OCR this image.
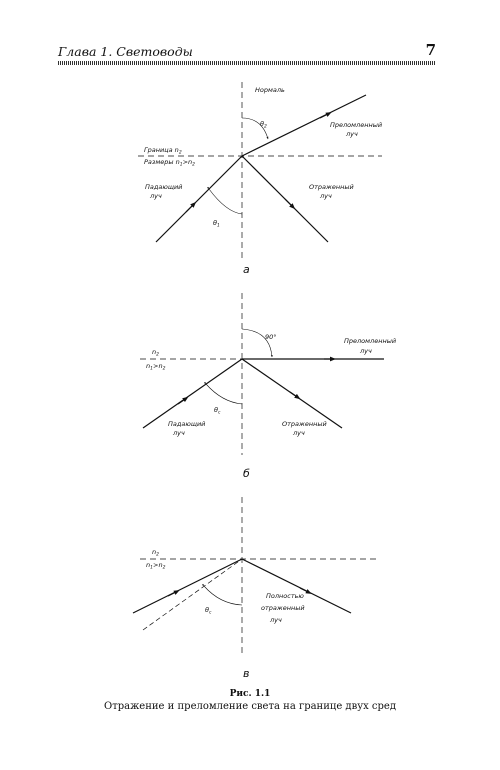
Глава 1. Световоды	7
Нормаль
Преломленный
луч
Граница $n_2$
Размеры $n_1>n_2$
Падающий
луч
Отраженный
луч
$\theta_2$
$\theta_1$
а
$n_2$
$n_1>n_2$
90°	Преломленный
луч
Падающий
луч
Отраженный
луч
$\theta_c$
б
$n_2$
$n_1>n_2$
Полностью
отраженный
луч
$\theta_c$
в
Рис. 1.1
Отражение и преломление света на границе двух сред
